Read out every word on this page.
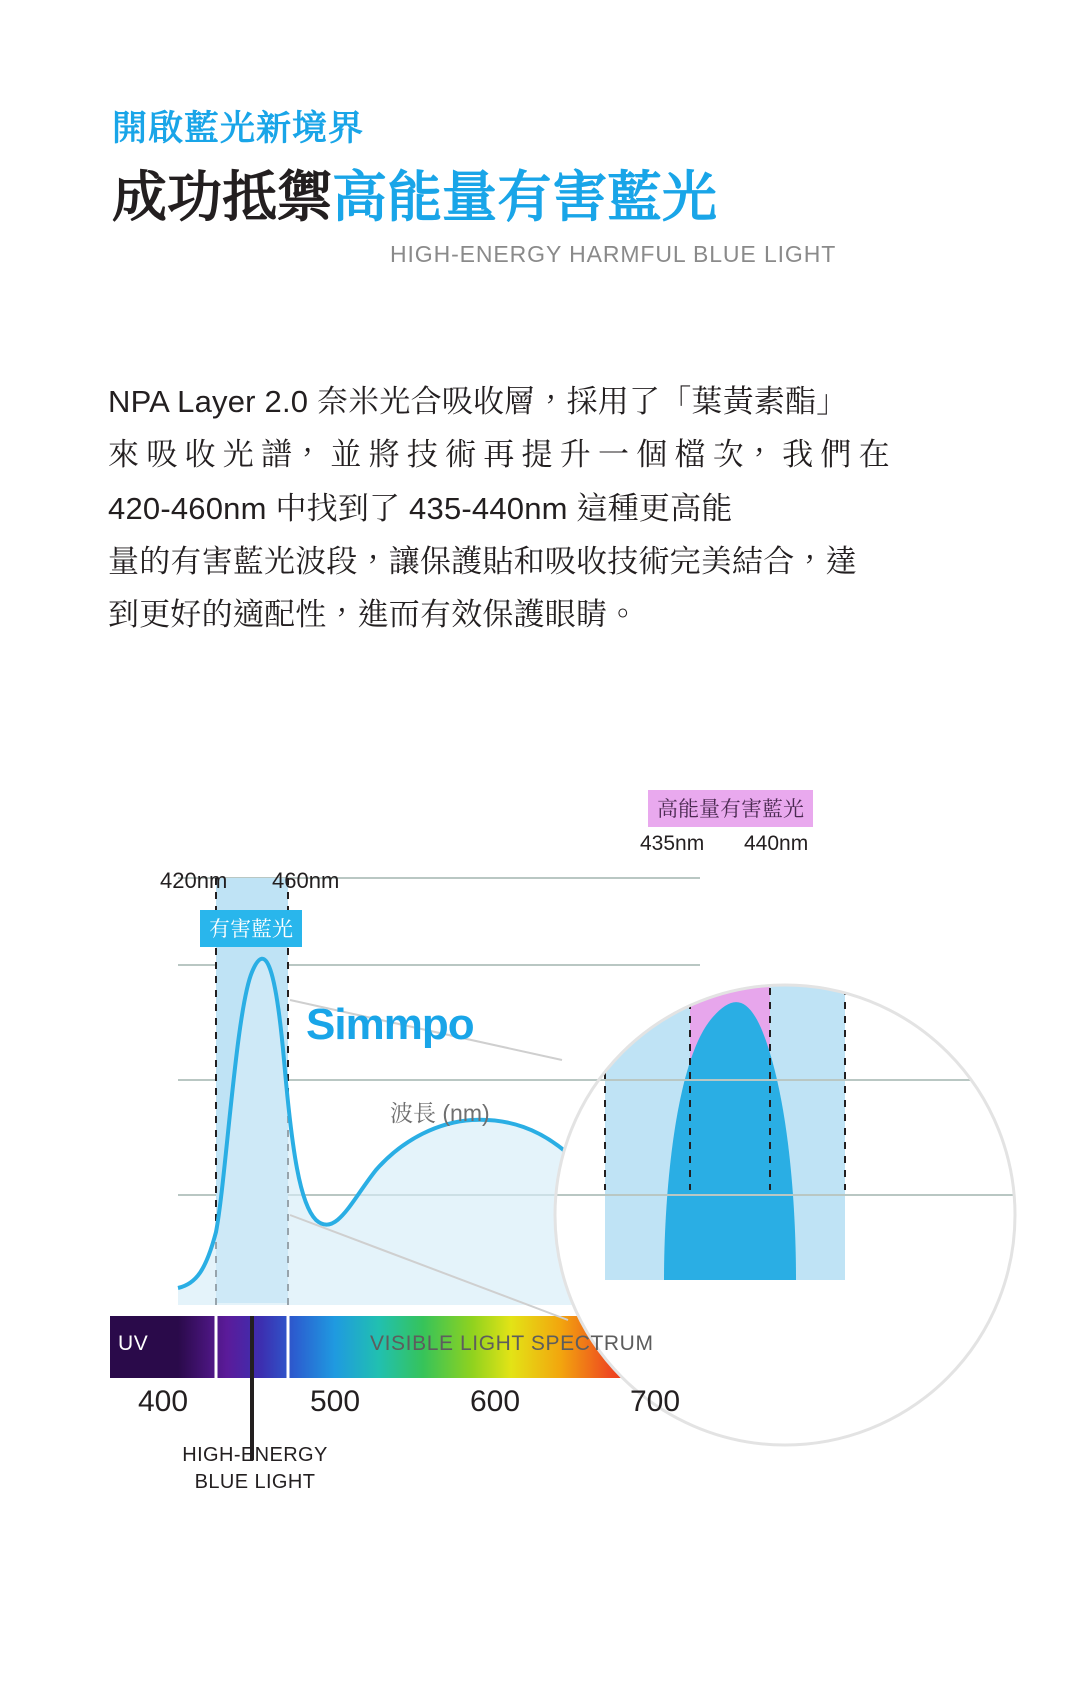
開啟藍光新境界
成功抵禦高能量有害藍光
HIGH-ENERGY HARMFUL BLUE LIGHT
NPA Layer 2.0 奈米光合吸收層，採用了「葉黃素酯」
來 吸 收 光 譜， 並 將 技 術 再 提 升 一 個 檔 次， 我 們 在
420-460nm 中找到了 435-440nm 這種更高能
量的有害藍光波段，讓保護貼和吸收技術完美結合，達
到更好的適配性，進而有效保護眼睛。
420nm 460nm
有害藍光
高能量有害藍光
435nm 440nm
Simmpo
波長 (nm)
UV	VISIBLE LIGHT SPECTRUM
400	500	600	700
HIGH-ENERGY
BLUE LIGHT
